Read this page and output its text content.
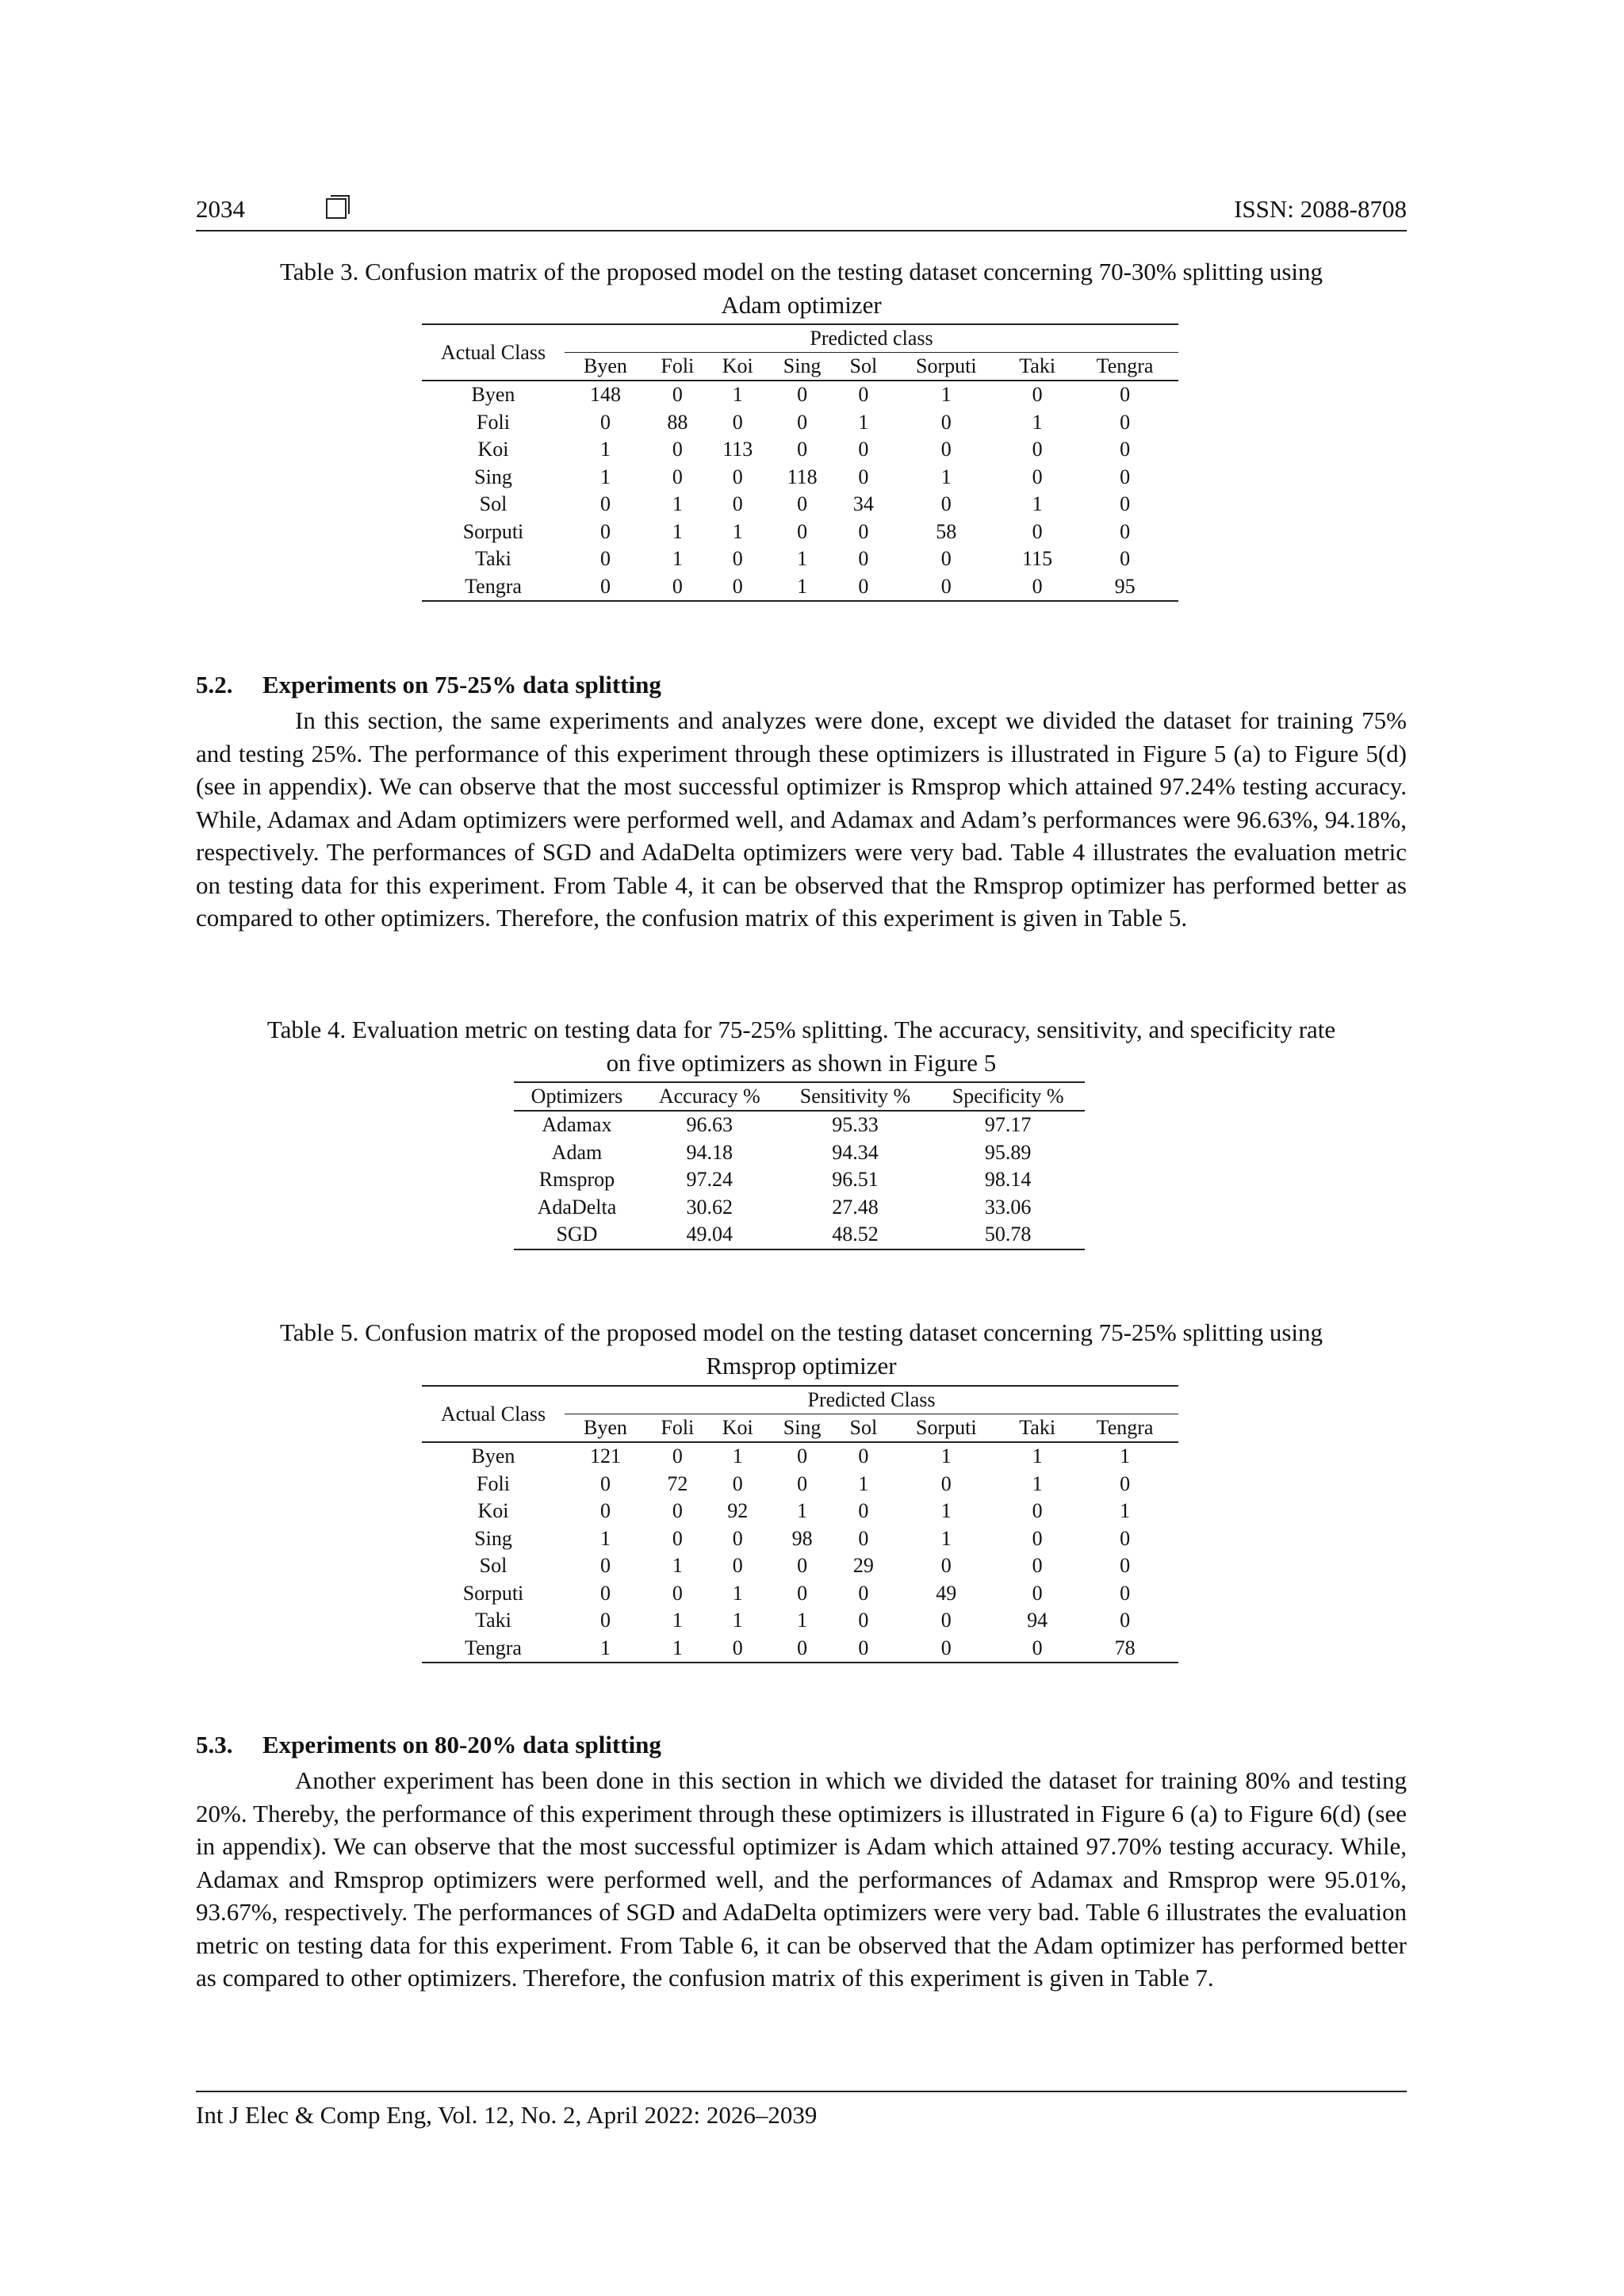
2034	ISSN: 2088-8708
Table 3. Confusion matrix of the proposed model on the testing dataset concerning 70-30% splitting using
Adam optimizer
Actual Class	Predicted class							
	Byen	Foli	Koi	Sing	Sol	Sorputi	Taki	Tengra
Byen	148	0	1	0	0	1	0	0
Foli	0	88	0	0	1	0	1	0
Koi	1	0	113	0	0	0	0	0
Sing	1	0	0	118	0	1	0	0
Sol	0	1	0	0	34	0	1	0
Sorputi	0	1	1	0	0	58	0	0
Taki	0	1	0	1	0	0	115	0
Tengra	0	0	0	1	0	0	0	95
5.2. Experiments on 75-25% data splitting

In this section, the same experiments and analyzes were done, except we divided the dataset for training 75% and testing 25%. The performance of this experiment through these optimizers is illustrated in Figure 5 (a) to Figure 5(d) (see in appendix). We can observe that the most successful optimizer is Rmsprop which attained 97.24% testing accuracy. While, Adamax and Adam optimizers were performed well, and Adamax and Adam’s performances were 96.63%, 94.18%, respectively. The performances of SGD and AdaDelta optimizers were very bad. Table 4 illustrates the evaluation metric on testing data for this experiment. From Table 4, it can be observed that the Rmsprop optimizer has performed better as compared to other optimizers. Therefore, the confusion matrix of this experiment is given in Table 5.

Table 4. Evaluation metric on testing data for 75-25% splitting. The accuracy, sensitivity, and specificity rate
on five optimizers as shown in Figure 5
Optimizers	Accuracy %	Sensitivity %	Specificity %
Adamax	96.63	95.33	97.17
Adam	94.18	94.34	95.89
Rmsprop	97.24	96.51	98.14
AdaDelta	30.62	27.48	33.06
SGD	49.04	48.52	50.78
Table 5. Confusion matrix of the proposed model on the testing dataset concerning 75-25% splitting using
Rmsprop optimizer
Actual Class	Predicted Class							
	Byen	Foli	Koi	Sing	Sol	Sorputi	Taki	Tengra
Byen	121	0	1	0	0	1	1	1
Foli	0	72	0	0	1	0	1	0
Koi	0	0	92	1	0	1	0	1
Sing	1	0	0	98	0	1	0	0
Sol	0	1	0	0	29	0	0	0
Sorputi	0	0	1	0	0	49	0	0
Taki	0	1	1	1	0	0	94	0
Tengra	1	1	0	0	0	0	0	78
5.3. Experiments on 80-20% data splitting

Another experiment has been done in this section in which we divided the dataset for training 80% and testing 20%. Thereby, the performance of this experiment through these optimizers is illustrated in Figure 6 (a) to Figure 6(d) (see in appendix). We can observe that the most successful optimizer is Adam which attained 97.70% testing accuracy. While, Adamax and Rmsprop optimizers were performed well, and the performances of Adamax and Rmsprop were 95.01%, 93.67%, respectively. The performances of SGD and AdaDelta optimizers were very bad. Table 6 illustrates the evaluation metric on testing data for this experiment. From Table 6, it can be observed that the Adam optimizer has performed better as compared to other optimizers. Therefore, the confusion matrix of this experiment is given in Table 7.

Int J Elec & Comp Eng, Vol. 12, No. 2, April 2022: 2026–2039
